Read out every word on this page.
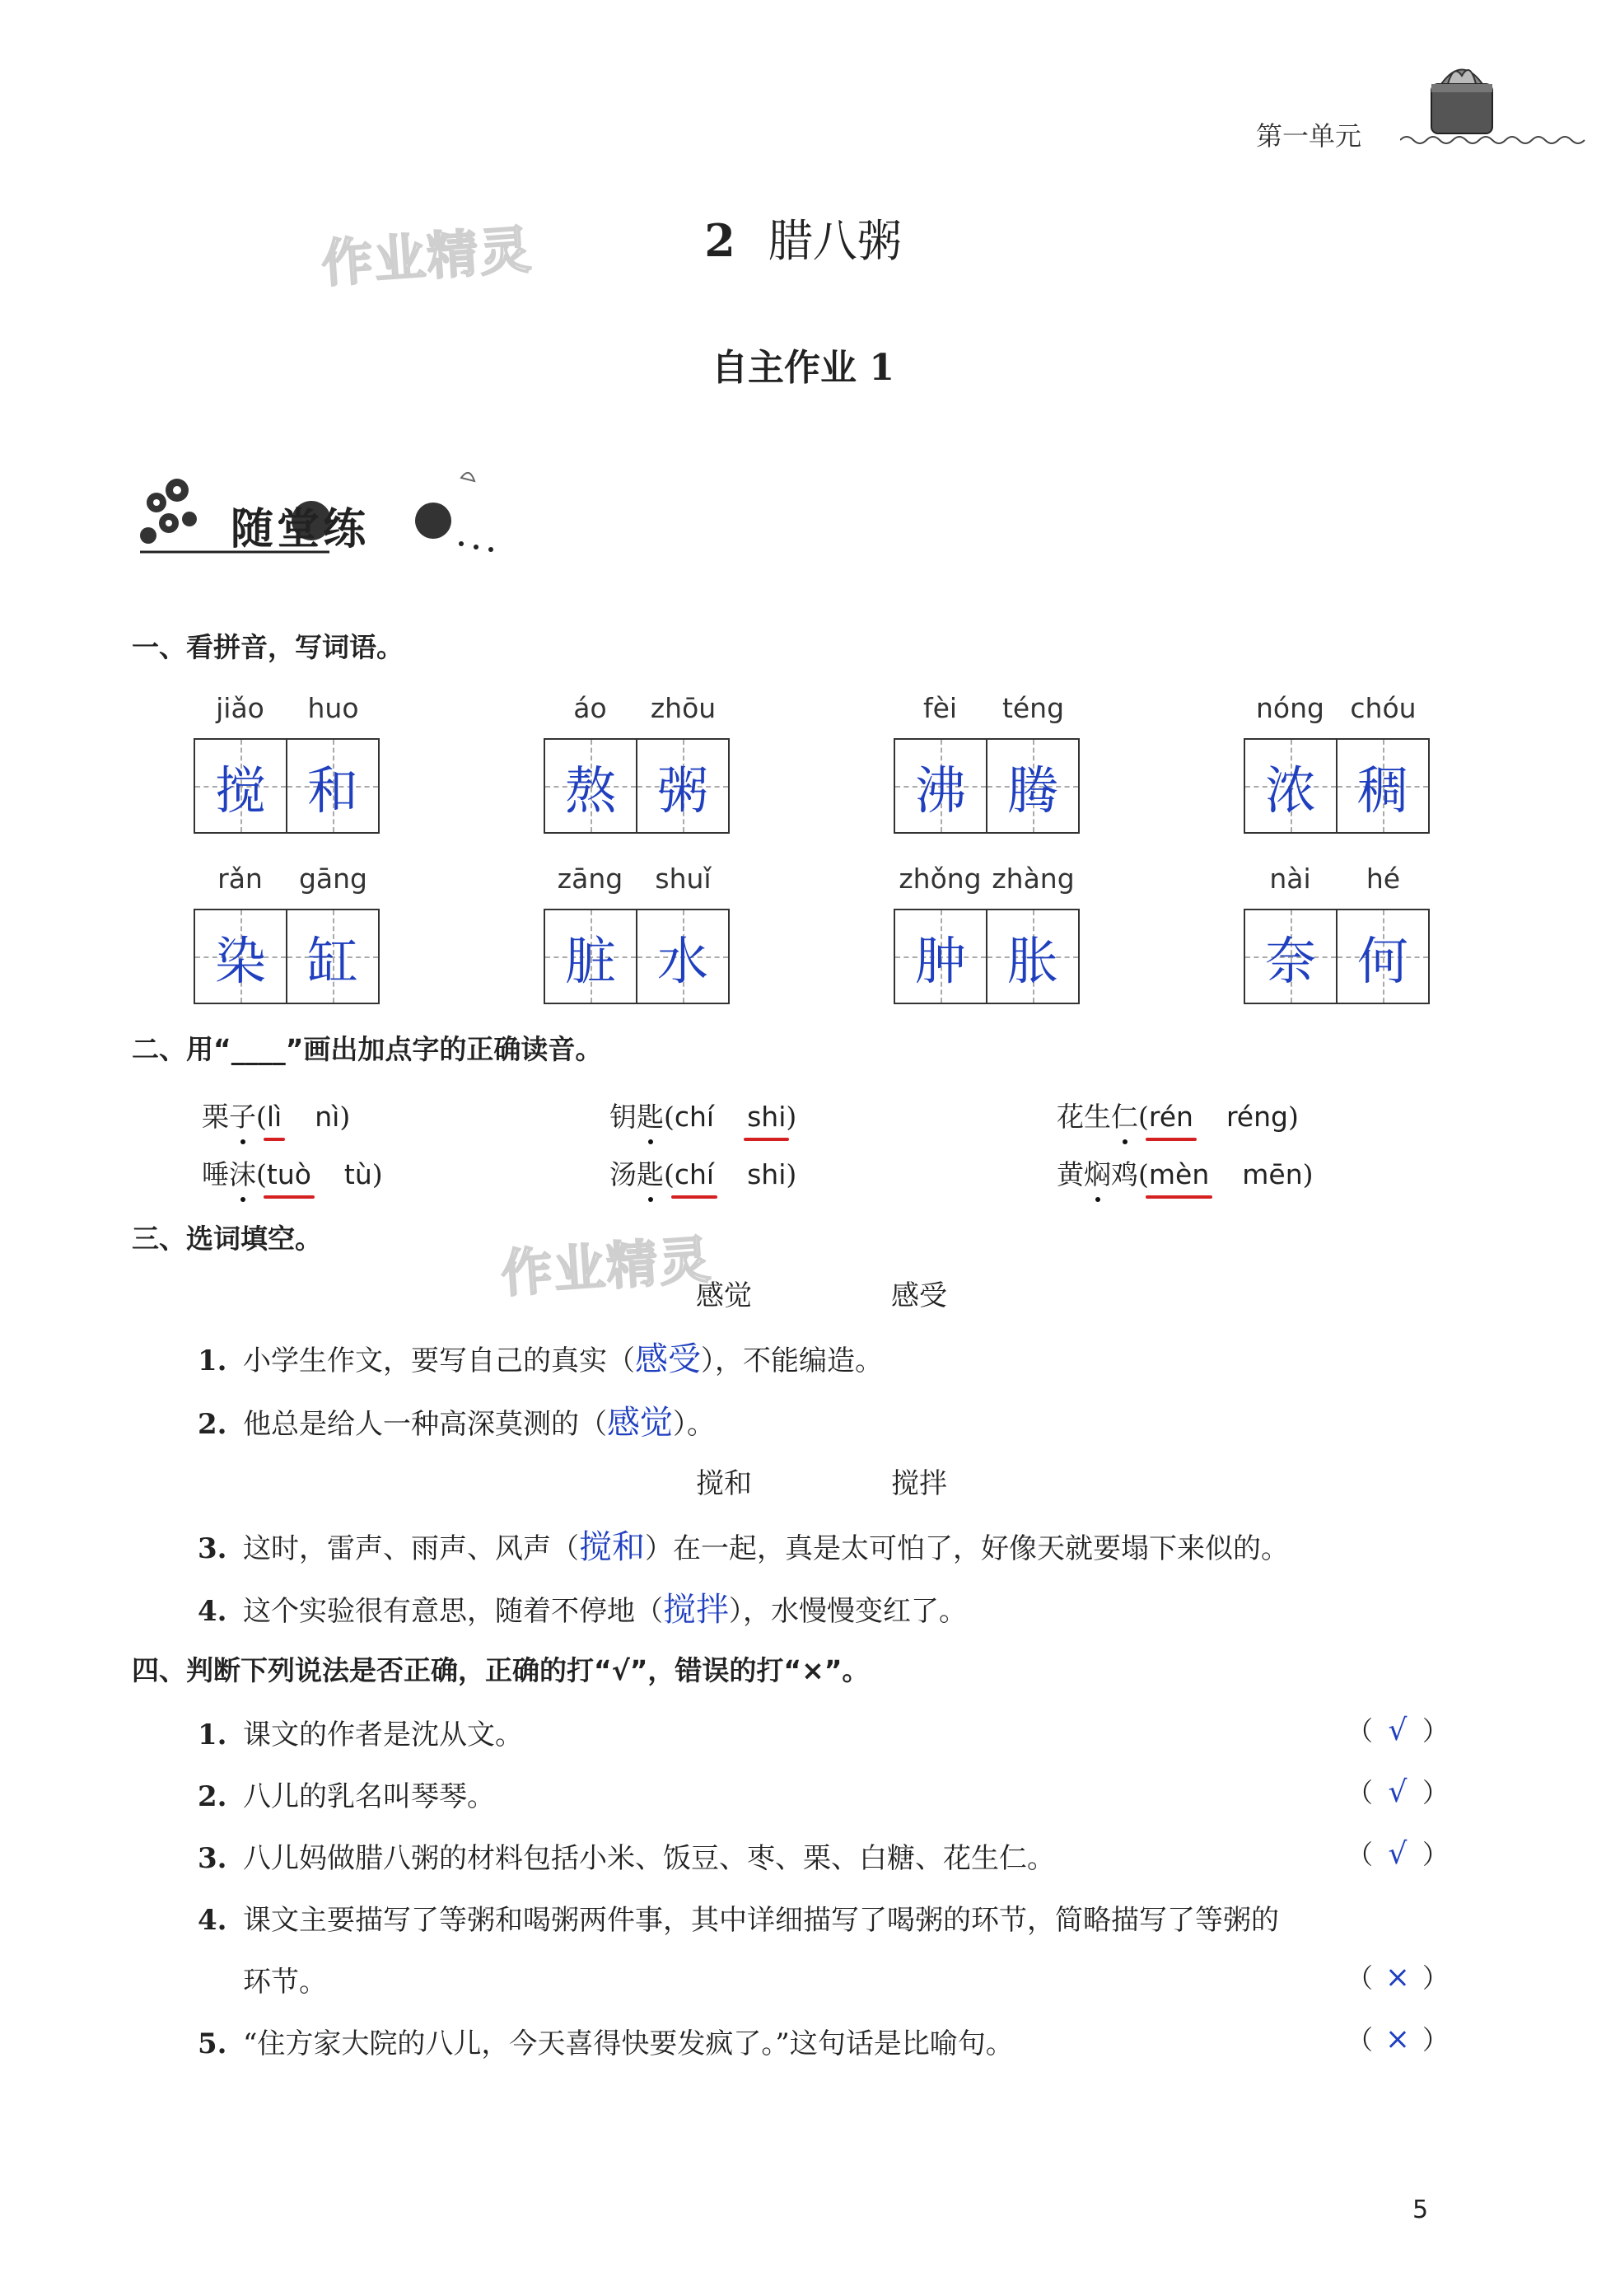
第一单元
作业精灵
作业精灵
2 腊八粥
自主作业 1
随堂练
一、看拼音，写词语。
jiǎo	huo
搅 和
áo	zhōu
熬 粥
fèi	téng
沸 腾
nóng chóu
浓 稠
rǎn	gāng
染 缸
zāng	shuǐ
脏 水
zhǒng zhàng
肿 胀
nài	hé
奈 何
二、用“____”画出加点字的正确读音。
栗子(lì nì)	钥匙(chí shi)	花生仁(rén réng)
唾沫(tuò tù)	汤匙(chí shi)	黄焖鸡(mèn mēn)
三、选词填空。
感觉	感受
1. 小学生作文，要写自己的真实（感受），不能编造。
2. 他总是给人一种高深莫测的（感觉）。
搅和	搅拌
3. 这时，雷声、雨声、风声（搅和）在一起，真是太可怕了，好像天就要塌下来似的。
4. 这个实验很有意思，随着不停地（搅拌），水慢慢变红了。
四、判断下列说法是否正确，正确的打“√”，错误的打“×”。
1. 课文的作者是沈从文。	（ √ ）
2. 八儿的乳名叫琴琴。	（ √ ）
3. 八儿妈做腊八粥的材料包括小米、饭豆、枣、栗、白糖、花生仁。	（ √ ）
4. 课文主要描写了等粥和喝粥两件事，其中详细描写了喝粥的环节，简略描写了等粥的
环节。	（ × ）
5. “住方家大院的八儿，今天喜得快要发疯了。”这句话是比喻句。	（ × ）
5
